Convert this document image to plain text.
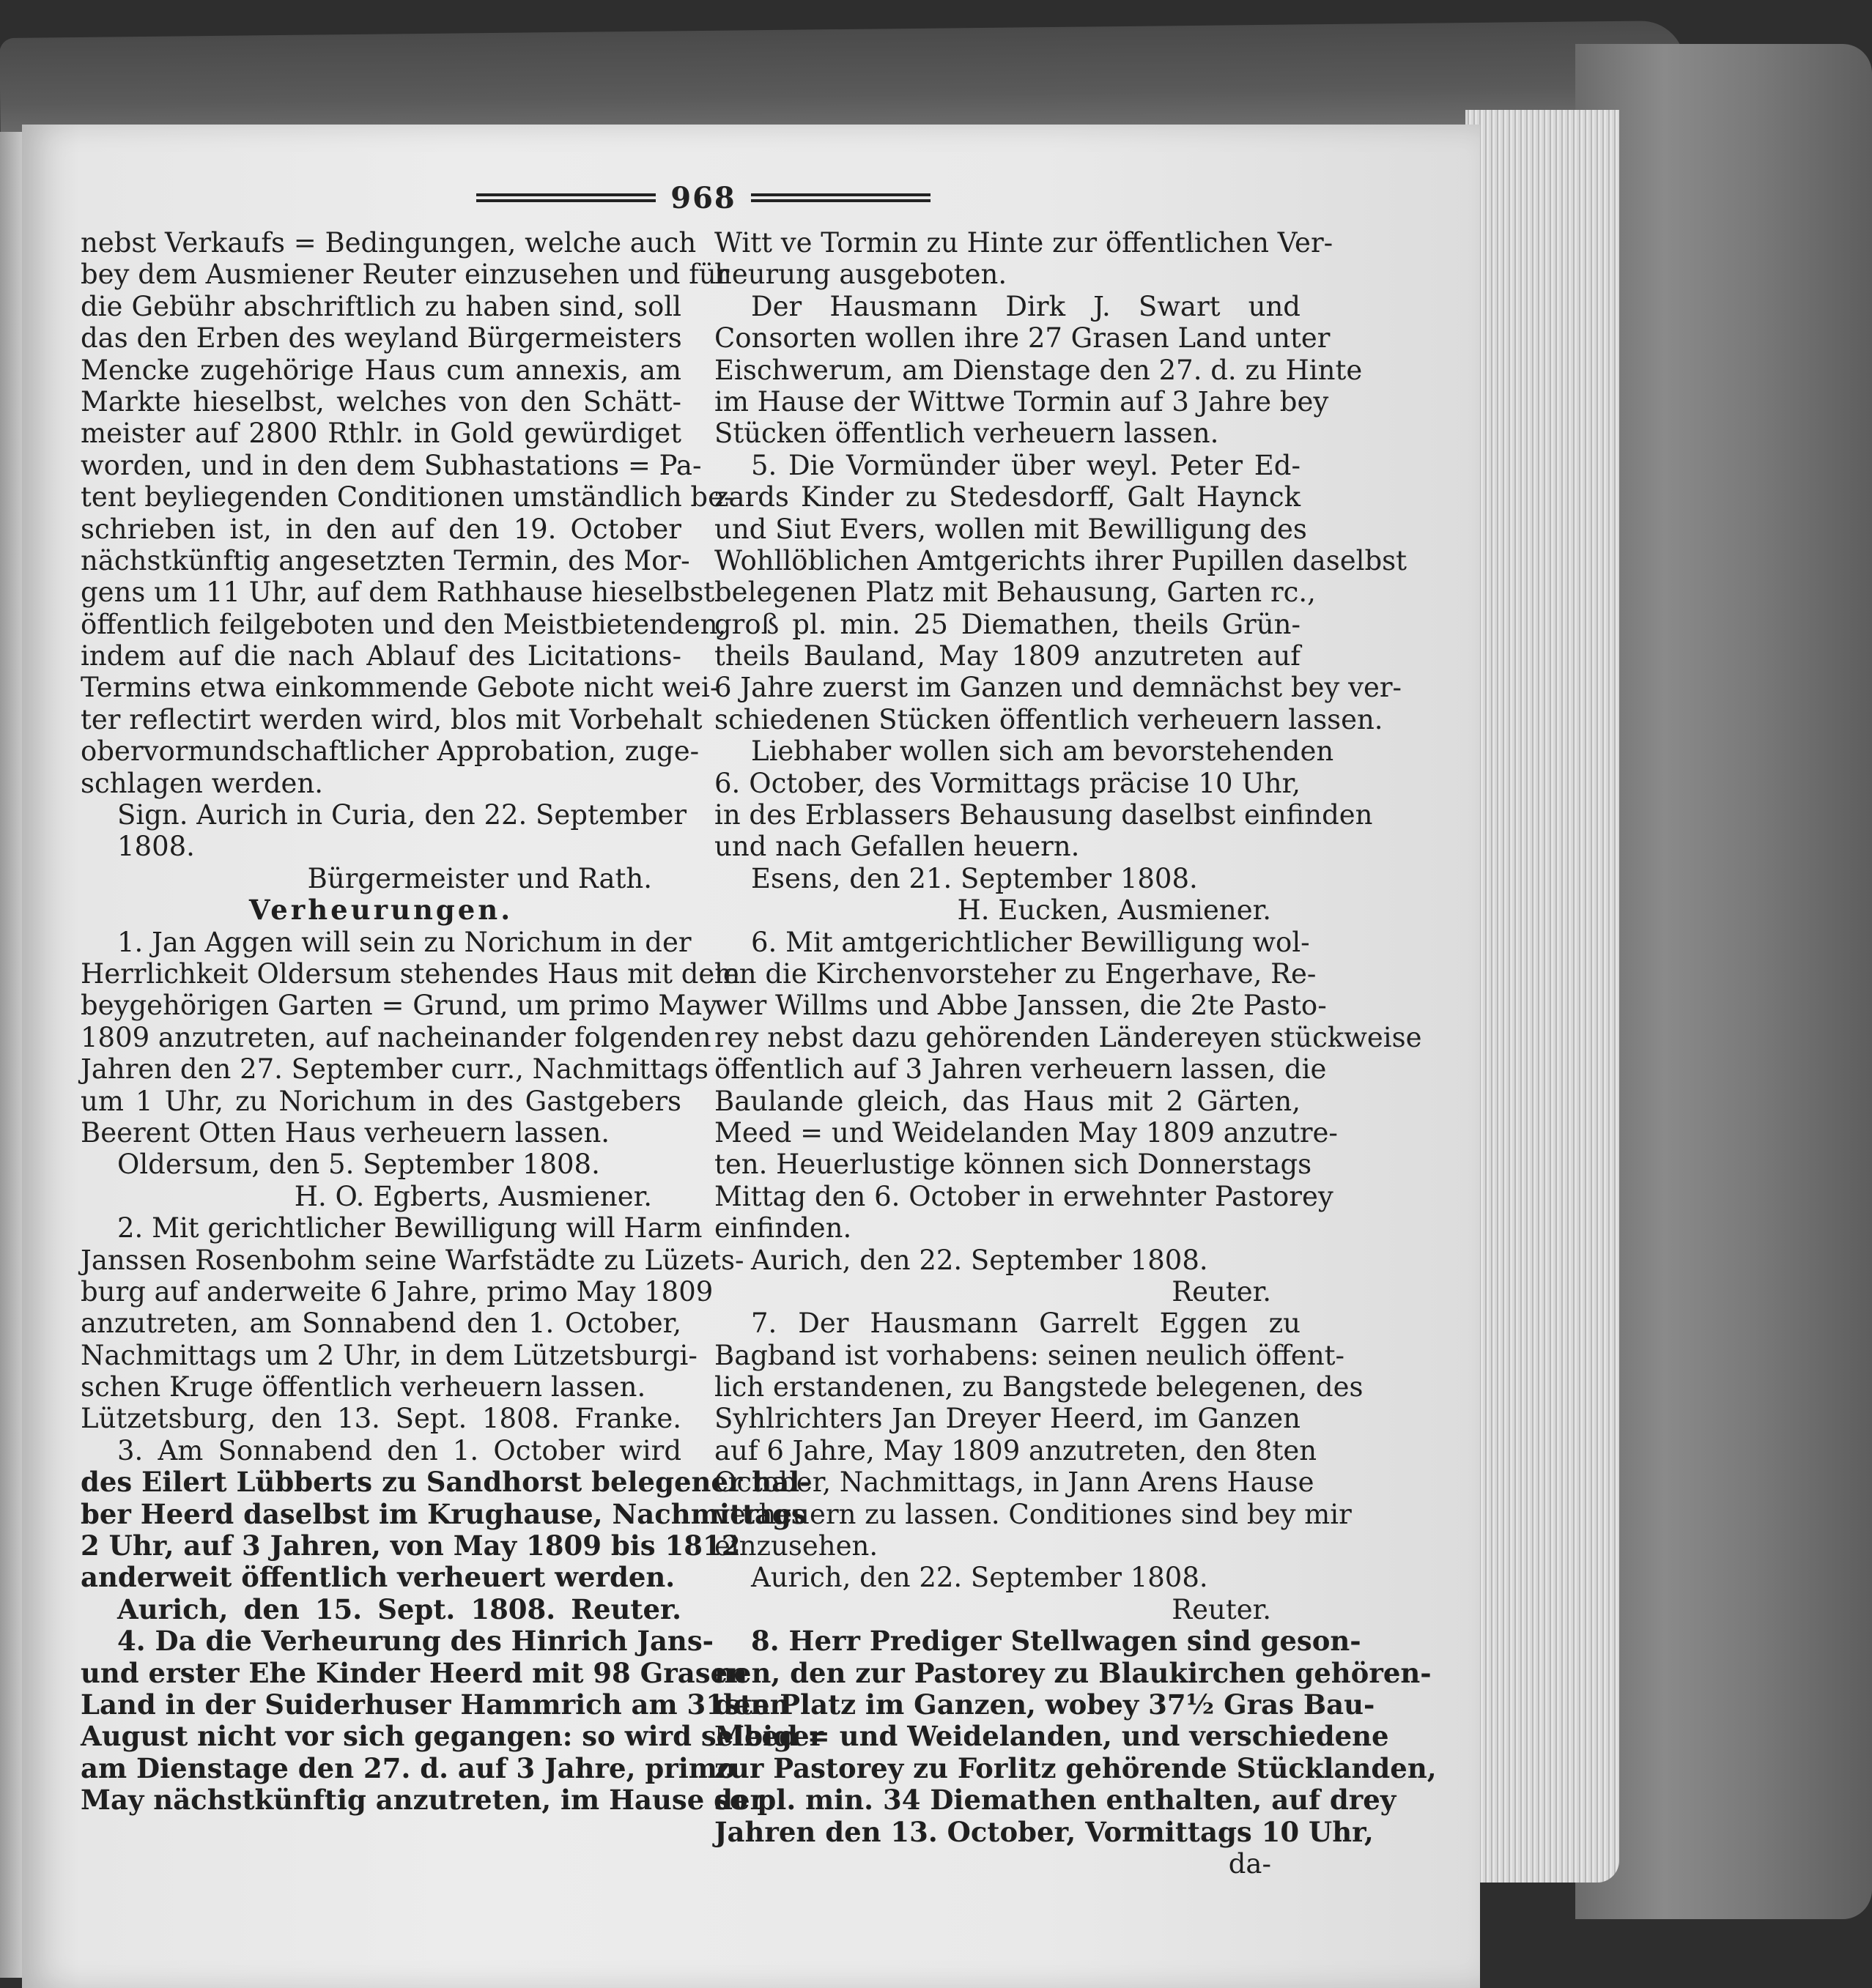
968
nebst Verkaufs = Bedingungen, welche auch
bey dem Ausmiener Reuter einzusehen und für
die Gebühr abschriftlich zu haben sind, soll
das den Erben des weyland Bürgermeisters
Mencke zugehörige Haus cum annexis, am
Markte hieselbst, welches von den Schätt-
meister auf 2800 Rthlr. in Gold gewürdiget
worden, und in den dem Subhastations = Pa-
tent beyliegenden Conditionen umständlich be-
schrieben ist, in den auf den 19. October
nächstkünftig angesetzten Termin, des Mor-
gens um 11 Uhr, auf dem Rathhause hieselbst
öffentlich feilgeboten und den Meistbietenden,
indem auf die nach Ablauf des Licitations-
Termins etwa einkommende Gebote nicht wei-
ter reflectirt werden wird, blos mit Vorbehalt
obervormundschaftlicher Approbation, zuge-
schlagen werden.
Sign. Aurich in Curia, den 22. September
1808.
Bürgermeister und Rath.
Verheurungen.
1. Jan Aggen will sein zu Norichum in der
Herrlichkeit Oldersum stehendes Haus mit dem
beygehörigen Garten = Grund, um primo May
1809 anzutreten, auf nacheinander folgenden
Jahren den 27. September curr., Nachmittags
um 1 Uhr, zu Norichum in des Gastgebers
Beerent Otten Haus verheuern lassen.
Oldersum, den 5. September 1808.
H. O. Egberts, Ausmiener.
2. Mit gerichtlicher Bewilligung will Harm
Janssen Rosenbohm seine Warfstädte zu Lüzets-
burg auf anderweite 6 Jahre, primo May 1809
anzutreten, am Sonnabend den 1. October,
Nachmittags um 2 Uhr, in dem Lützetsburgi-
schen Kruge öffentlich verheuern lassen.
Lützetsburg, den 13. Sept. 1808. Franke.
3. Am Sonnabend den 1. October wird
des Eilert Lübberts zu Sandhorst belegener hal-
ber Heerd daselbst im Krughause, Nachmittags
2 Uhr, auf 3 Jahren, von May 1809 bis 1812
anderweit öffentlich verheuert werden.
Aurich, den 15. Sept. 1808. Reuter.
4. Da die Verheurung des Hinrich Jans-
und erster Ehe Kinder Heerd mit 98 Grasen
Land in der Suiderhuser Hammrich am 31sten
August nicht vor sich gegangen: so wird selbiger
am Dienstage den 27. d. auf 3 Jahre, primo
May nächstkünftig anzutreten, im Hause der
Witt ve Tormin zu Hinte zur öffentlichen Ver-
heurung ausgeboten.
Der Hausmann Dirk J. Swart und
Consorten wollen ihre 27 Grasen Land unter
Eischwerum, am Dienstage den 27. d. zu Hinte
im Hause der Wittwe Tormin auf 3 Jahre bey
Stücken öffentlich verheuern lassen.
5. Die Vormünder über weyl. Peter Ed-
zards Kinder zu Stedesdorff, Galt Haynck
und Siut Evers, wollen mit Bewilligung des
Wohllöblichen Amtgerichts ihrer Pupillen daselbst
belegenen Platz mit Behausung, Garten rc.,
groß pl. min. 25 Diemathen, theils Grün-
theils Bauland, May 1809 anzutreten auf
6 Jahre zuerst im Ganzen und demnächst bey ver-
schiedenen Stücken öffentlich verheuern lassen.
Liebhaber wollen sich am bevorstehenden
6. October, des Vormittags präcise 10 Uhr,
in des Erblassers Behausung daselbst einfinden
und nach Gefallen heuern.
Esens, den 21. September 1808.
H. Eucken, Ausmiener.
6. Mit amtgerichtlicher Bewilligung wol-
len die Kirchenvorsteher zu Engerhave, Re-
wer Willms und Abbe Janssen, die 2te Pasto-
rey nebst dazu gehörenden Ländereyen stückweise
öffentlich auf 3 Jahren verheuern lassen, die
Baulande gleich, das Haus mit 2 Gärten,
Meed = und Weidelanden May 1809 anzutre-
ten. Heuerlustige können sich Donnerstags
Mittag den 6. October in erwehnter Pastorey
einfinden.
Aurich, den 22. September 1808.
Reuter.
7. Der Hausmann Garrelt Eggen zu
Bagband ist vorhabens: seinen neulich öffent-
lich erstandenen, zu Bangstede belegenen, des
Syhlrichters Jan Dreyer Heerd, im Ganzen
auf 6 Jahre, May 1809 anzutreten, den 8ten
October, Nachmittags, in Jann Arens Hause
verheuern zu lassen. Conditiones sind bey mir
einzusehen.
Aurich, den 22. September 1808.
Reuter.
8. Herr Prediger Stellwagen sind geson-
nen, den zur Pastorey zu Blaukirchen gehören-
den Platz im Ganzen, wobey 37½ Gras Bau-
Meed = und Weidelanden, und verschiedene
zur Pastorey zu Forlitz gehörende Stücklanden,
so pl. min. 34 Diemathen enthalten, auf drey
Jahren den 13. October, Vormittags 10 Uhr,
da-
